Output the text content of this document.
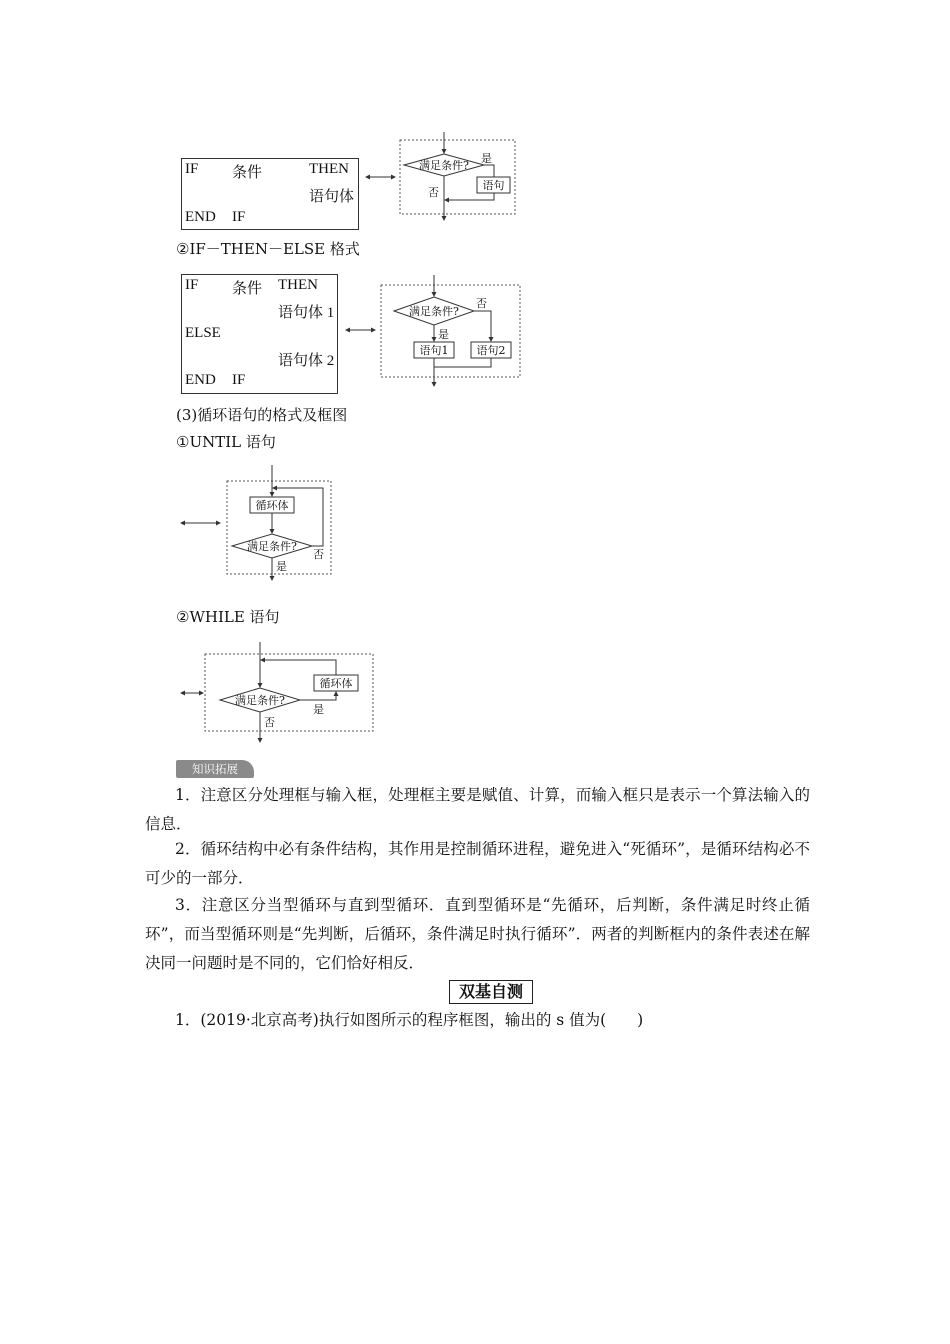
IF 条件	THEN
语句体
END IF
满足条件?
是
语句
否
②IF－THEN－ELSE 格式
IF 条件 THEN
语句体 1
ELSE
语句体 2
END IF
满足条件?
否
是
语句1	语句2
(3)循环语句的格式及框图
①UNTIL 语句
循环体
满足条件?
否
是
②WHILE 语句
满足条件?
是
循环体
否
知识拓展
1．注意区分处理框与输入框，处理框主要是赋值、计算，而输入框只是表示一个算法输入的信息．
2．循环结构中必有条件结构，其作用是控制循环进程，避免进入“死循环”，是循环结构必不可少的一部分．
3．注意区分当型循环与直到型循环．直到型循环是“先循环，后判断，条件满足时终止循环”，而当型循环则是“先判断，后循环，条件满足时执行循环”．两者的判断框内的条件表述在解决同一问题时是不同的，它们恰好相反．
双基自测
1．(2019·北京高考)执行如图所示的程序框图，输出的 s 值为(　　)
